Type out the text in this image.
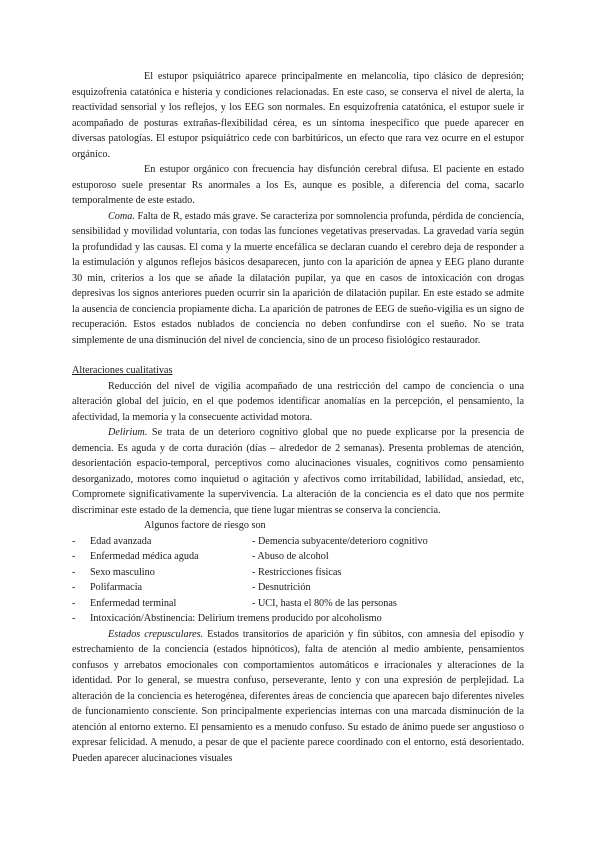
El estupor psiquiátrico aparece principalmente en melancolía, tipo clásico de depresión; esquizofrenia catatónica e histeria y condiciones relacionadas. En este caso, se conserva el nivel de alerta, la reactividad sensorial y los reflejos, y los EEG son normales. En esquizofrenia catatónica, el estupor suele ir acompañado de posturas extrañas-flexibilidad cérea, es un síntoma inespecífico que puede aparecer en diversas patologías. El estupor psiquiátrico cede con barbitúricos, un efecto que rara vez ocurre en el estupor orgánico.

En estupor orgánico con frecuencia hay disfunción cerebral difusa. El paciente en estado estuporoso suele presentar Rs anormales a los Es, aunque es posible, a diferencia del coma, sacarlo temporalmente de este estado.

Coma. Falta de R, estado más grave. Se caracteriza por somnolencia profunda, pérdida de conciencia, sensibilidad y movilidad voluntaria, con todas las funciones vegetativas preservadas. La gravedad varía según la profundidad y las causas. El coma y la muerte encefálica se declaran cuando el cerebro deja de responder a la estimulación y algunos reflejos básicos desaparecen, junto con la aparición de apnea y EEG plano durante 30 min, criterios a los que se añade la dilatación pupilar, ya que en casos de intoxicación con drogas depresivas los signos anteriores pueden ocurrir sin la aparición de dilatación pupilar. En este estado se admite la ausencia de conciencia propiamente dicha. La aparición de patrones de EEG de sueño-vigilia es un signo de recuperación. Estos estados nublados de conciencia no deben confundirse con el sueño. No se trata simplemente de una disminución del nivel de conciencia, sino de un proceso fisiológico restaurador.

Alteraciones cualitativas

Reducción del nivel de vigilia acompañado de una restricción del campo de conciencia o una alteración global del juicio, en el que podemos identificar anomalías en la percepción, el pensamiento, la afectividad, la memoria y la consecuente actividad motora.

Delirium. Se trata de un deterioro cognitivo global que no puede explicarse por la presencia de demencia. Es aguda y de corta duración (días – alrededor de 2 semanas). Presenta problemas de atención, desorientación espacio-temporal, perceptivos como alucinaciones visuales, cognitivos como pensamiento desorganizado, motores como inquietud o agitación y afectivos como irritabilidad, labilidad, ansiedad, etc, Compromete significativamente la supervivencia. La alteración de la conciencia es el dato que nos permite discriminar este estado de la demencia, que tiene lugar mientras se conserva la conciencia.

Algunos factore de riesgo son

-	Edad avanzada	- Demencia subyacente/deterioro cognitivo
-	Enfermedad médica aguda	- Abuso de alcohol
-	Sexo masculino	- Restricciones físicas
-	Polifarmacia	- Desnutrición
-	Enfermedad terminal	- UCI, hasta el 80% de las personas
-	Intoxicación/Abstinencia: Delirium tremens producido por alcoholismo

Estados crepusculares. Estados transitorios de aparición y fin súbitos, con amnesia del episodio y estrechamiento de la conciencia (estados hipnóticos), falta de atención al medio ambiente, pensamientos confusos y arrebatos emocionales con comportamientos automáticos e irracionales y alteraciones de la identidad. Por lo general, se muestra confuso, perseverante, lento y con una expresión de perplejidad. La alteración de la conciencia es heterogénea, diferentes áreas de conciencia que aparecen bajo diferentes niveles de funcionamiento consciente. Son principalmente experiencias internas con una marcada disminución de la atención al entorno externo. El pensamiento es a menudo confuso. Su estado de ánimo puede ser angustioso o expresar felicidad. A menudo, a pesar de que el paciente parece coordinado con el entorno, está desorientado. Pueden aparecer alucinaciones visuales
